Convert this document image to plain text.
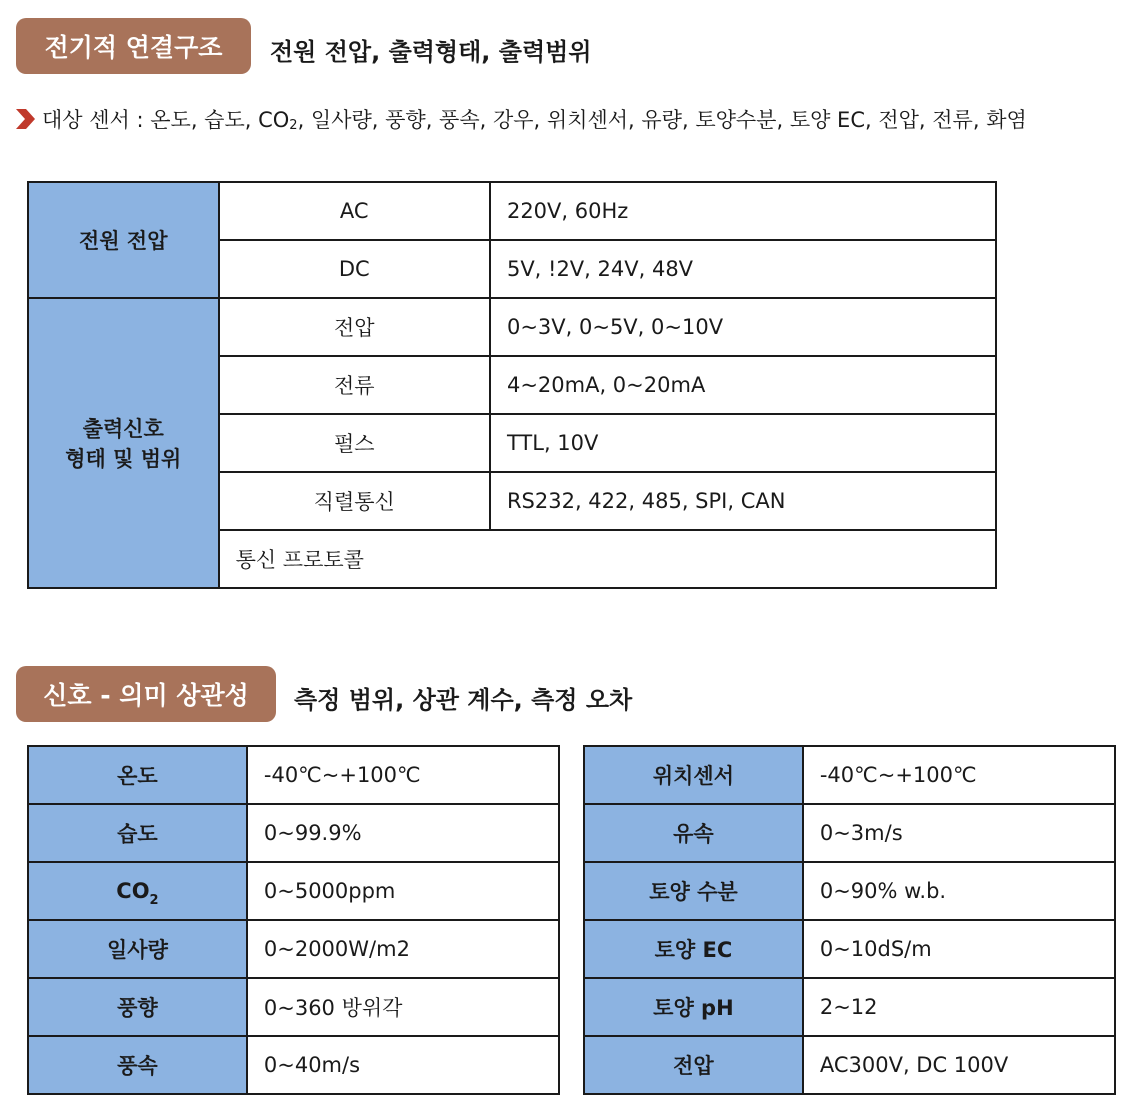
전기적 연결구조	전원 전압, 출력형태, 출력범위
대상 센서 : 온도, 습도, CO 2 , 일사량, 풍향, 풍속, 강우, 위치센서, 유량, 토양수분, 토양 EC, 전압, 전류, 화염
전원 전압	AC	220V, 60Hz
	DC	5V, !2V, 24V, 48V

출력신호
형태 및 범위	전압	0~3V, 0~5V, 0~10V
	전류	4~20mA, 0~20mA
	펄스	TTL, 10V
	직렬통신	RS232, 422, 485, SPI, CAN
	통신 프로토콜	
신호 - 의미 상관성	측정 범위, 상관 계수, 측정 오차
온도	-40℃~+100℃
습도	0~99.9%
$CO_2$	0~5000ppm
일사량	0~2000W/m2
풍향	0~360 방위각
풍속	0~40m/s
위치센서	-40℃~+100℃
유속	0~3m/s
토양 수분	0~90% w.b.
토양 EC	0~10dS/m
토양 pH	2~12
전압	AC300V, DC 100V
